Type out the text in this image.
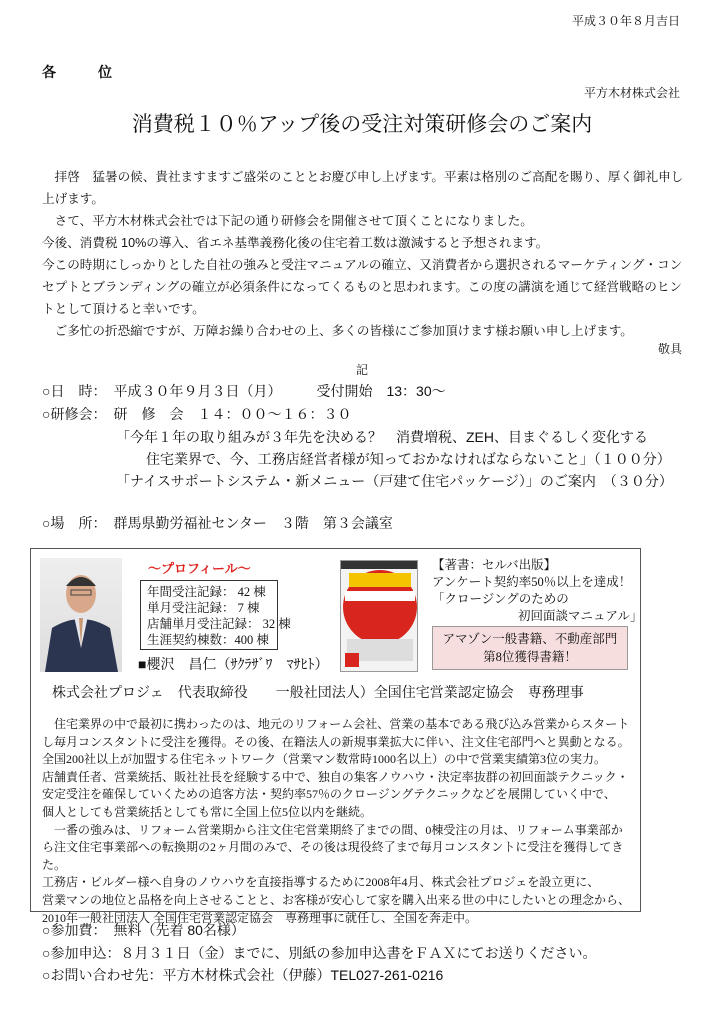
平成３０年８月吉日
各　位
平方木材株式会社
消費税１０％アップ後の受注対策研修会のご案内

　拝啓　猛暑の候、貴社ますますご盛栄のこととお慶び申し上げます。平素は格別のご高配を賜り、厚く御礼申し上げます。

　さて、平方木材株式会社では下記の通り研修会を開催させて頂くことになりました。

今後、消費税 10%の導入、省エネ基準義務化後の住宅着工数は激減すると予想されます。

今この時期にしっかりとした自社の強みと受注マニュアルの確立、又消費者から選択されるマーケティング・コンセプトとブランディングの確立が必須条件になってくるものと思われます。この度の講演を通じて経営戦略のヒントとして頂けると幸いです。

　ご多忙の折恐縮ですが、万障お繰り合わせの上、多くの皆様にご参加頂けます様お願い申し上げます。

敬具
記
○日　時：　平成３０年９月３日（月）　　　受付開始　13：30～
○研修会：　研　修　会　１４：００～１６：３０
「今年１年の取り組みが３年先を決める？　消費増税、ZEH、目まぐるしく変化する
住宅業界で、今、工務店経営者様が知っておかなければならないこと」（１００分）
「ナイスサポートシステム・新メニュー（戸建て住宅パッケージ）」のご案内　（３０分）
○場　所：　群馬県勤労福祉センター　３階　第３会議室
～プロフィール～
年間受注記録： 42 棟
単月受注記録： 7 棟
店舗単月受注記録： 32 棟
生涯契約棟数：400 棟
■櫻沢　昌仁（ｻｸﾗｻﾞﾜ　ﾏｻﾋﾄ）
【著書：セルバ出版】
アンケート契約率50％以上を達成！
「クロージングのための
初回面談マニュアル」
アマゾン一般書籍、不動産部門
第8位獲得書籍！
株式会社プロジェ　代表取締役　　一般社団法人）全国住宅営業認定協会　専務理事
　住宅業界の中で最初に携わったのは、地元のリフォーム会社、営業の基本である飛び込み営業からスタートし毎月コンスタントに受注を獲得。その後、在籍法人の新規事業拡大に伴い、注文住宅部門へと異動となる。
全国200社以上が加盟する住宅ネットワーク（営業マン数常時1000名以上）の中で営業実績第3位の実力。
店舗責任者、営業統括、販社社長を経験する中で、独自の集客ノウハウ・決定率抜群の初回面談テクニック・
安定受注を確保していくための追客方法・契約率57％のクロージングテクニックなどを展開していく中で、
個人としても営業統括としても常に全国上位5位以内を継続。
　一番の強みは、リフォーム営業期から注文住宅営業期終了までの間、0棟受注の月は、リフォーム事業部から注文住宅事業部への転換期の2ヶ月間のみで、その後は現役終了まで毎月コンスタントに受注を獲得してきた。
工務店・ビルダー様へ自身のノウハウを直接指導するために2008年4月、株式会社プロジェを設立更に、
営業マンの地位と品格を向上させることと、お客様が安心して家を購入出来る世の中にしたいとの理念から、
2010年一般社団法人 全国住宅営業認定協会　専務理事に就任し、全国を奔走中。
○参加費：　無料（先着 80名様）
○参加申込：８月３１日（金）までに、別紙の参加申込書をＦＡＸにてお送りください。
○お問い合わせ先：平方木材株式会社（伊藤）TEL027-261-0216
